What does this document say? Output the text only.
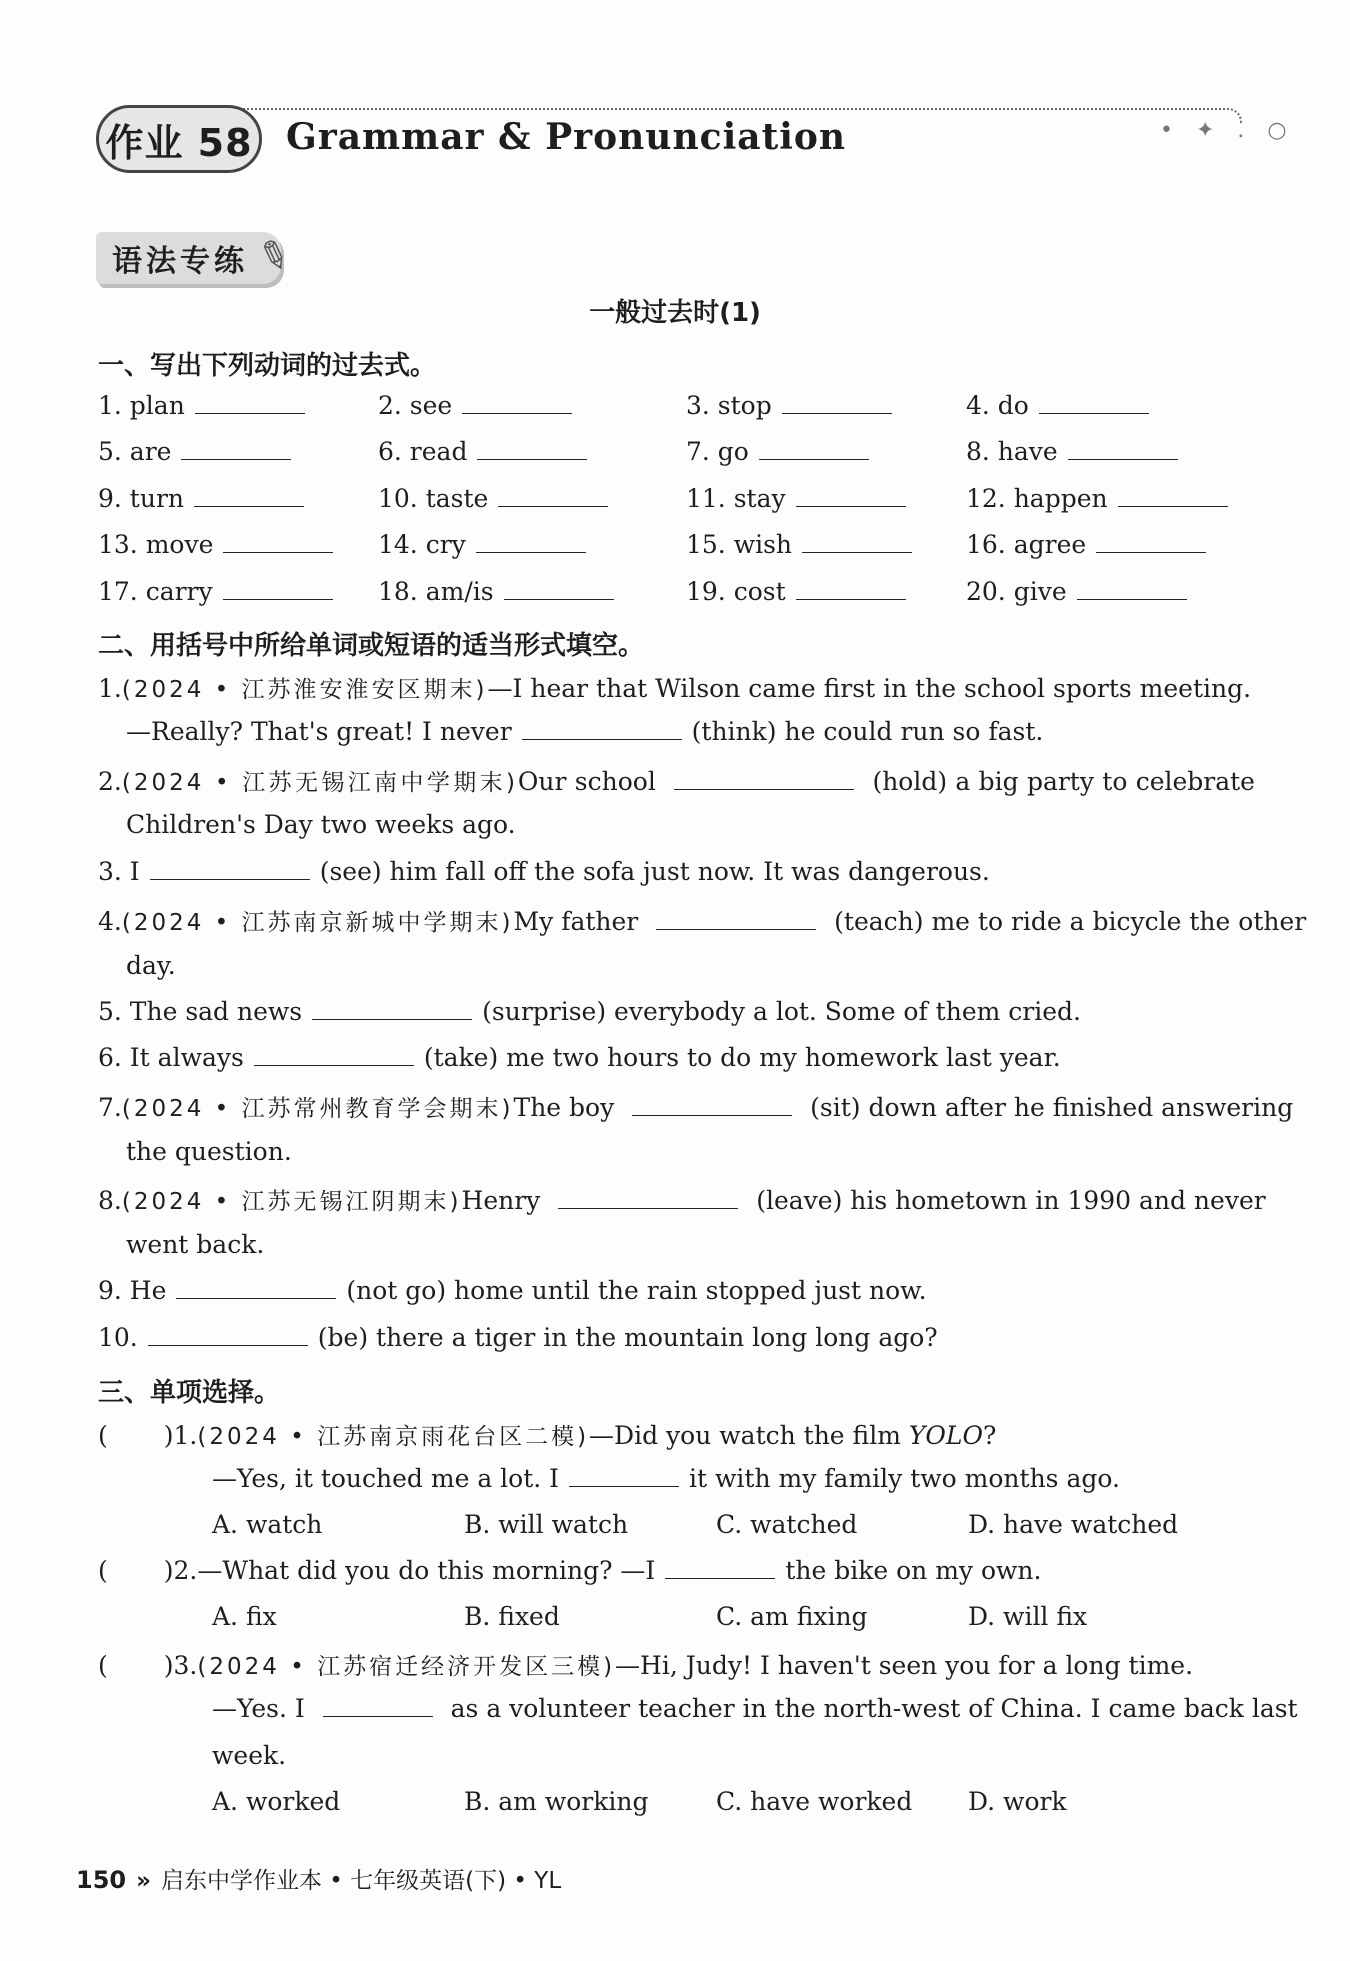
作业 58 Grammar & Pronunciation	• ✦ . ○
语法专练 ✎
一般过去时(1)
一、写出下列动词的过去式。
1. plan	2. see	3. stop	4. do
5. are	6. read	7. go	8. have
9. turn	10. taste	11. stay	12. happen
13. move	14. cry	15. wish	16. agree
17. carry	18. am/is	19. cost	20. give
二、用括号中所给单词或短语的适当形式填空。
1.(2024 • 江苏淮安淮安区期末)—I hear that Wilson came first in the school sports meeting.
—Really? That's great! I never	(think) he could run so fast.
2.(2024 • 江苏无锡江南中学期末)Our school	(hold) a big party to celebrate
Children's Day two weeks ago.
3. I	(see) him fall off the sofa just now. It was dangerous.
4.(2024 • 江苏南京新城中学期末)My father	(teach) me to ride a bicycle the other
day.
5. The sad news	(surprise) everybody a lot. Some of them cried.
6. It always	(take) me two hours to do my homework last year.
7.(2024 • 江苏常州教育学会期末)The boy	(sit) down after he finished answering
the question.
8.(2024 • 江苏无锡江阴期末)Henry	(leave) his hometown in 1990 and never
went back.
9. He	(not go) home until the rain stopped just now.
10.	(be) there a tiger in the mountain long long ago?
三、单项选择。
( )1.(2024 • 江苏南京雨花台区二模)—Did you watch the film YOLO?
—Yes, it touched me a lot. I	it with my family two months ago.
A. watch	B. will watch	C. watched	D. have watched
( )2.—What did you do this morning? —I	the bike on my own.
A. fix	B. fixed	C. am fixing	D. will fix
( )3.(2024 • 江苏宿迁经济开发区三模)—Hi, Judy! I haven't seen you for a long time.
—Yes. I	as a volunteer teacher in the north-west of China. I came back last
week.
A. worked	B. am working	C. have worked D. work
150 » 启东中学作业本 • 七年级英语(下) • YL
